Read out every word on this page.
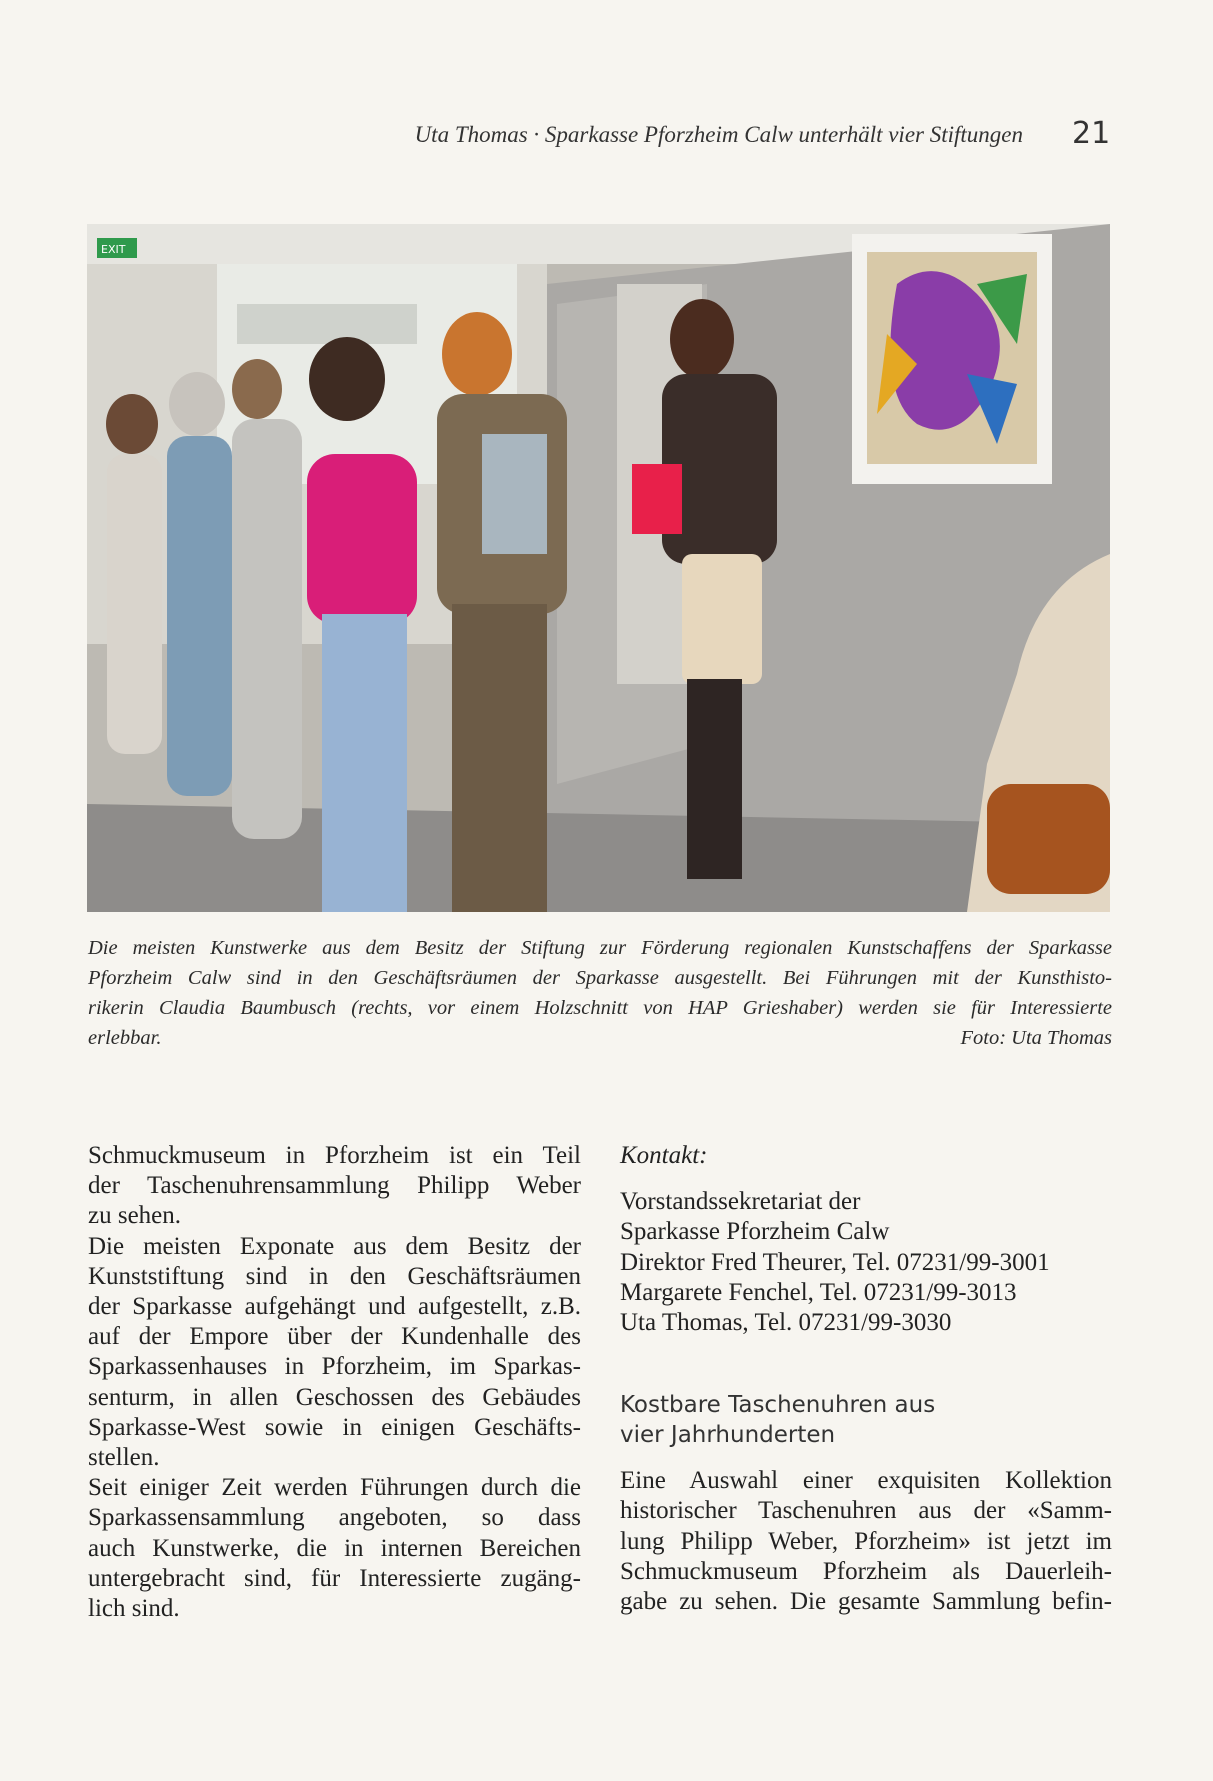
Uta Thomas · Sparkasse Pforzheim Calw unterhält vier Stiftungen 21
EXIT
Die meisten Kunstwerke aus dem Besitz der Stiftung zur Förderung regionalen Kunstschaffens der Sparkasse
Pforzheim Calw sind in den Geschäftsräumen der Sparkasse ausgestellt. Bei Führungen mit der Kunsthisto-
rikerin Claudia Baumbusch (rechts, vor einem Holzschnitt von HAP Grieshaber) werden sie für Interessierte
erlebbar.	Foto: Uta Thomas
Schmuckmuseum in Pforzheim ist ein Teil
der Taschenuhrensammlung Philipp Weber
zu sehen.
Die meisten Exponate aus dem Besitz der
Kunststiftung sind in den Geschäftsräumen
der Sparkasse aufgehängt und aufgestellt, z.B.
auf der Empore über der Kundenhalle des
Sparkassenhauses in Pforzheim, im Sparkas-
senturm, in allen Geschossen des Gebäudes
Sparkasse-West sowie in einigen Geschäfts-
stellen.
Seit einiger Zeit werden Führungen durch die
Sparkassensammlung angeboten, so dass
auch Kunstwerke, die in internen Bereichen
untergebracht sind, für Interessierte zugäng-
lich sind.
Kontakt:
Vorstandssekretariat der
Sparkasse Pforzheim Calw
Direktor Fred Theurer, Tel. 07231/99-3001
Margarete Fenchel, Tel. 07231/99-3013
Uta Thomas, Tel. 07231/99-3030
Kostbare Taschenuhren aus
vier Jahrhunderten
Eine Auswahl einer exquisiten Kollektion
historischer Taschenuhren aus der «Samm-
lung Philipp Weber, Pforzheim» ist jetzt im
Schmuckmuseum Pforzheim als Dauerleih-
gabe zu sehen. Die gesamte Sammlung befin-
